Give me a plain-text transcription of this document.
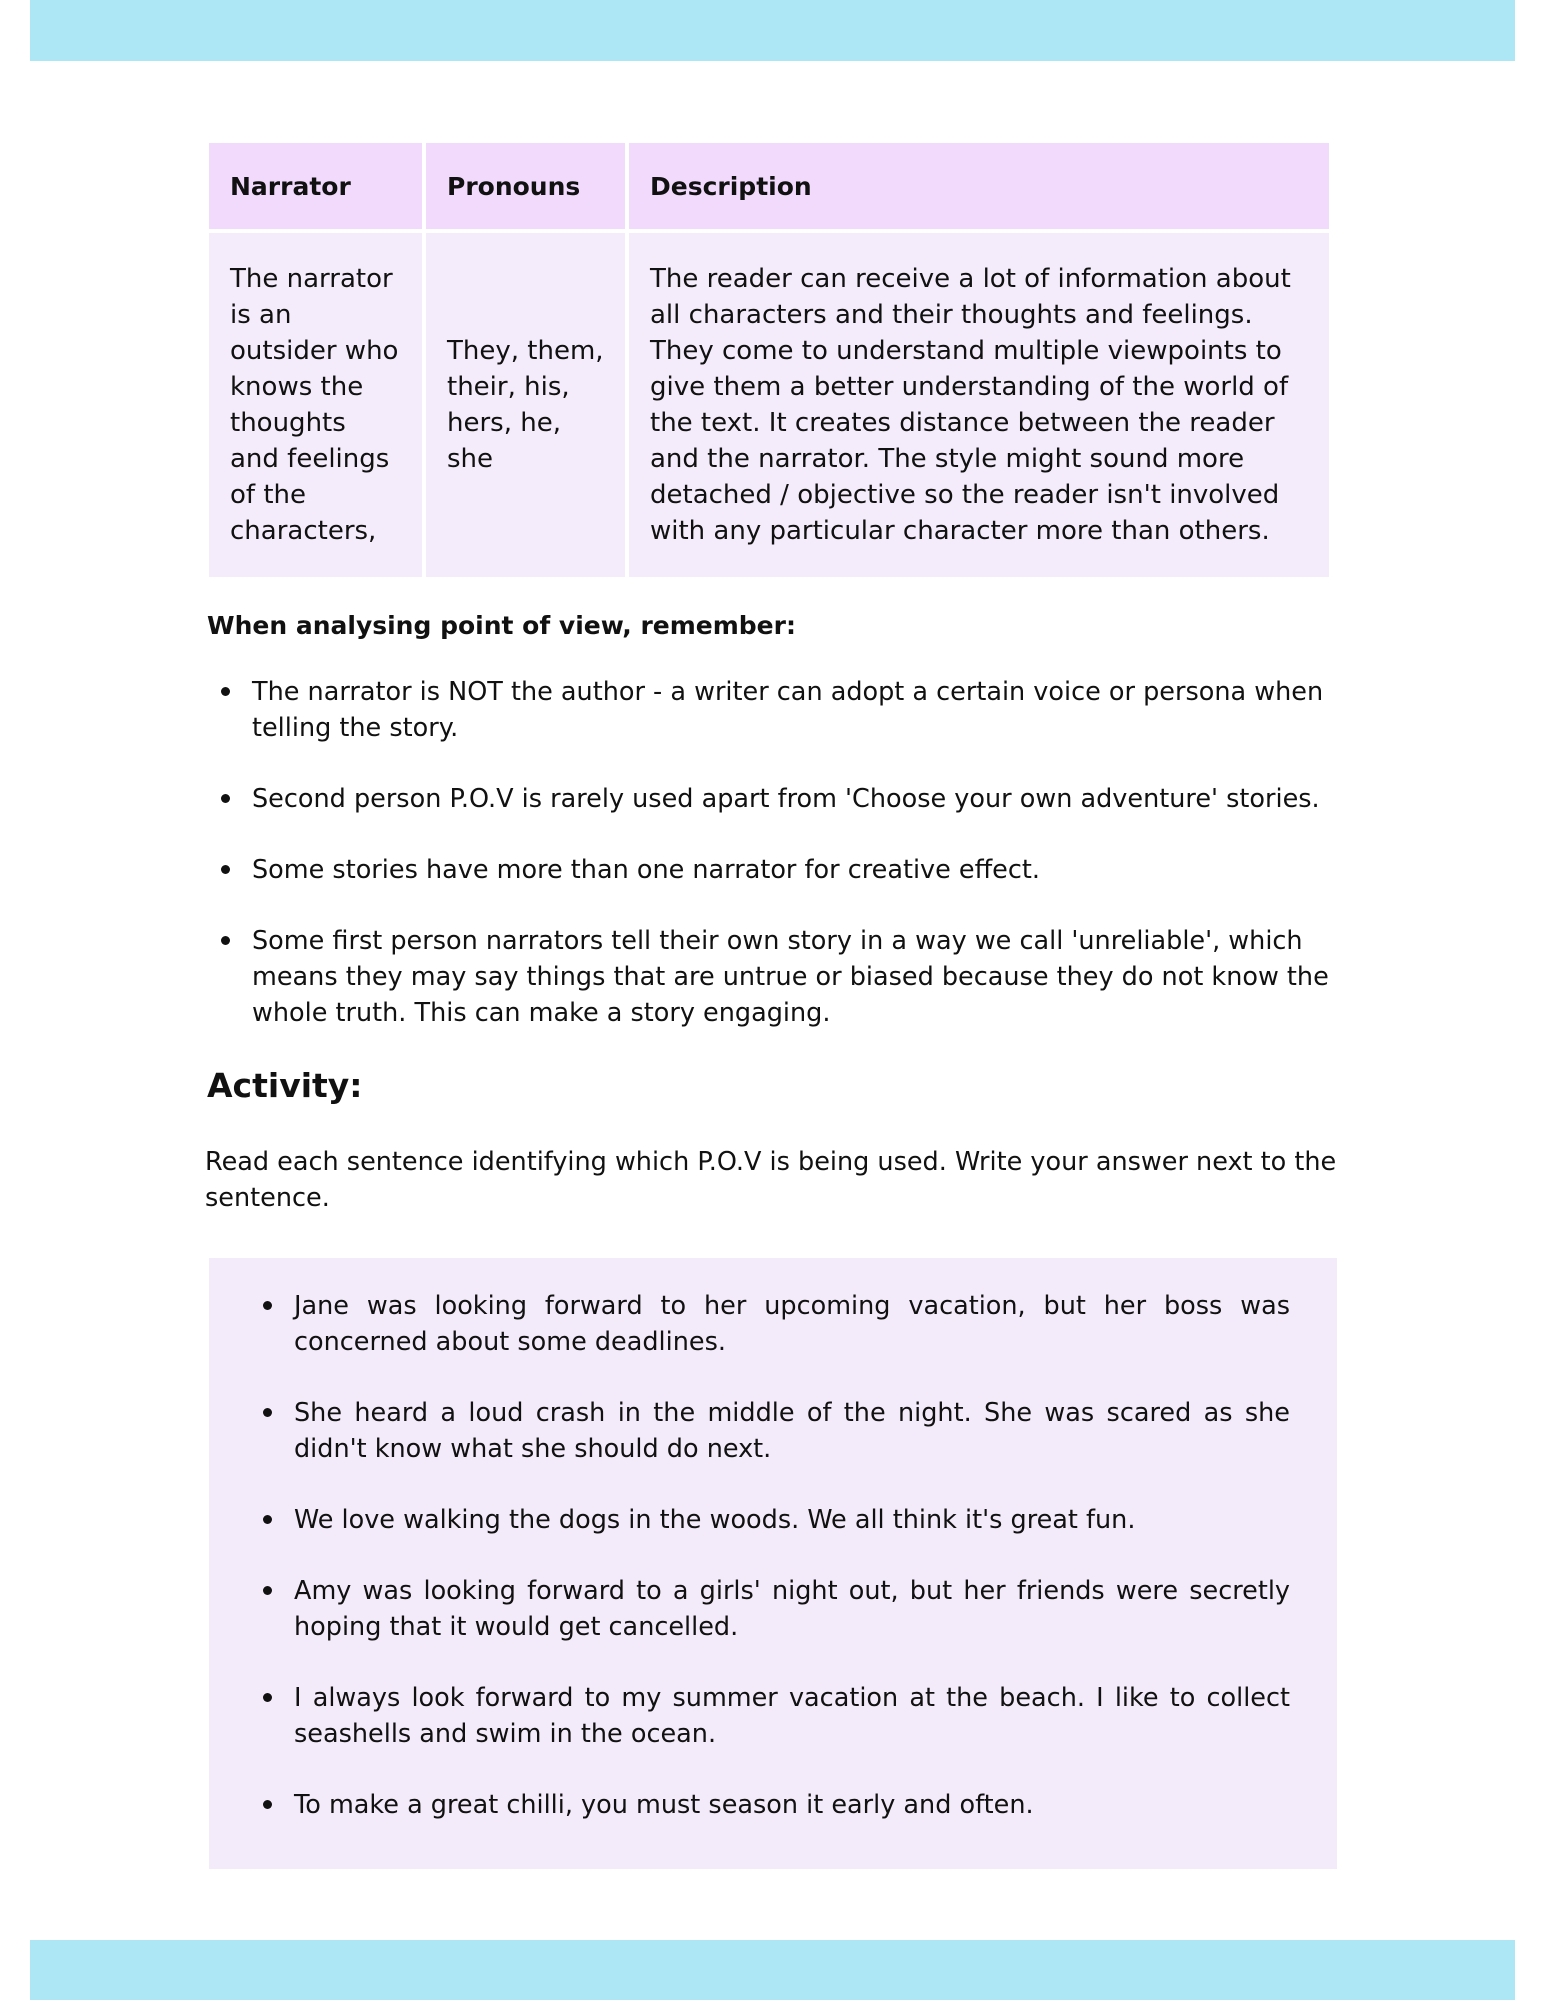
Narrator	Pronouns	Description
The narrator is an outsider who knows the thoughts and feelings of the characters,	They, them, their, his, hers, he, she	The reader can receive a lot of information about all characters and their thoughts and feelings. They come to understand multiple viewpoints to give them a better understanding of the world of the text. It creates distance between the reader and the narrator. The style might sound more detached / objective so the reader isn't involved with any particular character more than others.

When analysing point of view, remember:

The narrator is NOT the author - a writer can adopt a certain voice or persona when telling the story.
Second person P.O.V is rarely used apart from 'Choose your own adventure' stories.
Some stories have more than one narrator for creative effect.
Some first person narrators tell their own story in a way we call 'unreliable', which means they may say things that are untrue or biased because they do not know the whole truth. This can make a story engaging.
Activity:

Read each sentence identifying which P.O.V is being used. Write your answer next to the sentence.

Jane was looking forward to her upcoming vacation, but her boss was concerned about some deadlines.
She heard a loud crash in the middle of the night. She was scared as she didn't know what she should do next.
We love walking the dogs in the woods. We all think it's great fun.
Amy was looking forward to a girls' night out, but her friends were secretly hoping that it would get cancelled.
I always look forward to my summer vacation at the beach. I like to collect seashells and swim in the ocean.
To make a great chilli, you must season it early and often.
